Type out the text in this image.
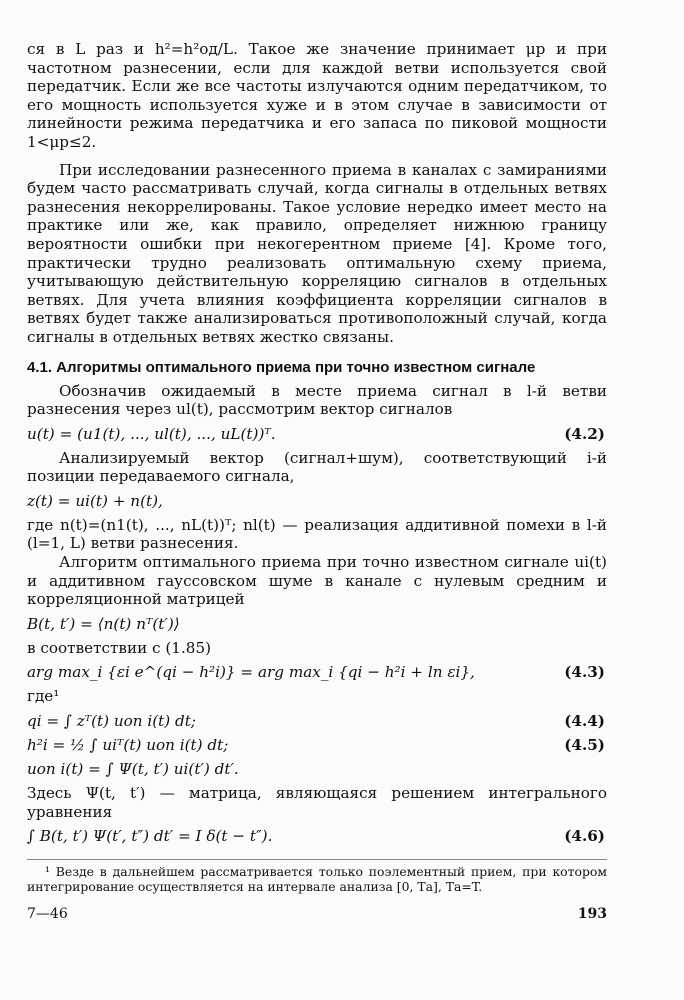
ся в L раз и h²=h²од/L. Такое же значение принимает μp и при частотном разнесении, если для каждой ветви используется свой передатчик. Если же все частоты излучаются одним передатчиком, то его мощность используется хуже и в этом случае в зависимости от линейности режима передатчика и его запаса по пиковой мощности 1<μp≤2.

При исследовании разнесенного приема в каналах с замираниями будем часто рассматривать случай, когда сигналы в отдельных ветвях разнесения некоррелированы. Такое условие нередко имеет место на практике или же, как правило, определяет нижнюю границу вероятности ошибки при некогерентном приеме [4]. Кроме того, практически трудно реализовать оптимальную схему приема, учитывающую действительную корреляцию сигналов в отдельных ветвях. Для учета влияния коэффициента корреляции сигналов в ветвях будет также анализироваться противоположный случай, когда сигналы в отдельных ветвях жестко связаны.

4.1. Алгоритмы оптимального приема при точно известном сигнале

Обозначив ожидаемый в месте приема сигнал в l-й ветви разнесения через ul(t), рассмотрим вектор сигналов

u(t) = (u1(t), ..., ul(t), ..., uL(t))ᵀ.	(4.2)

Анализируемый вектор (сигнал+шум), соответствующий i-й позиции передаваемого сигнала,

z(t) = ui(t) + n(t),

где n(t)=(n1(t), ..., nL(t))ᵀ; nl(t) — реализация аддитивной помехи в l-й (l=1, L) ветви разнесения.

Алгоритм оптимального приема при точно известном сигнале ui(t) и аддитивном гауссовском шуме в канале с нулевым средним и корреляционной матрицей

B(t, t′) = ⟨n(t) nᵀ(t′)⟩

в соответствии с (1.85)

arg max_i {εi e^(qi − h²i)} = arg max_i {qi − h²i + ln εi},	(4.3)

где¹

qi = ∫ zᵀ(t) uоп i(t) dt;	(4.4)
h²i = ½ ∫ uiᵀ(t) uоп i(t) dt;	(4.5)
uоп i(t) = ∫ Ψ(t, t′) ui(t′) dt′.

Здесь Ψ(t, t′) — матрица, являющаяся решением интегрального уравнения

∫ B(t, t′) Ψ(t′, t″) dt′ = I δ(t − t″).	(4.6)
¹ Везде в дальнейшем рассматривается только поэлементный прием, при котором интегрирование осуществляется на интервале анализа [0, Tа], Tа=T.
7—46	193
